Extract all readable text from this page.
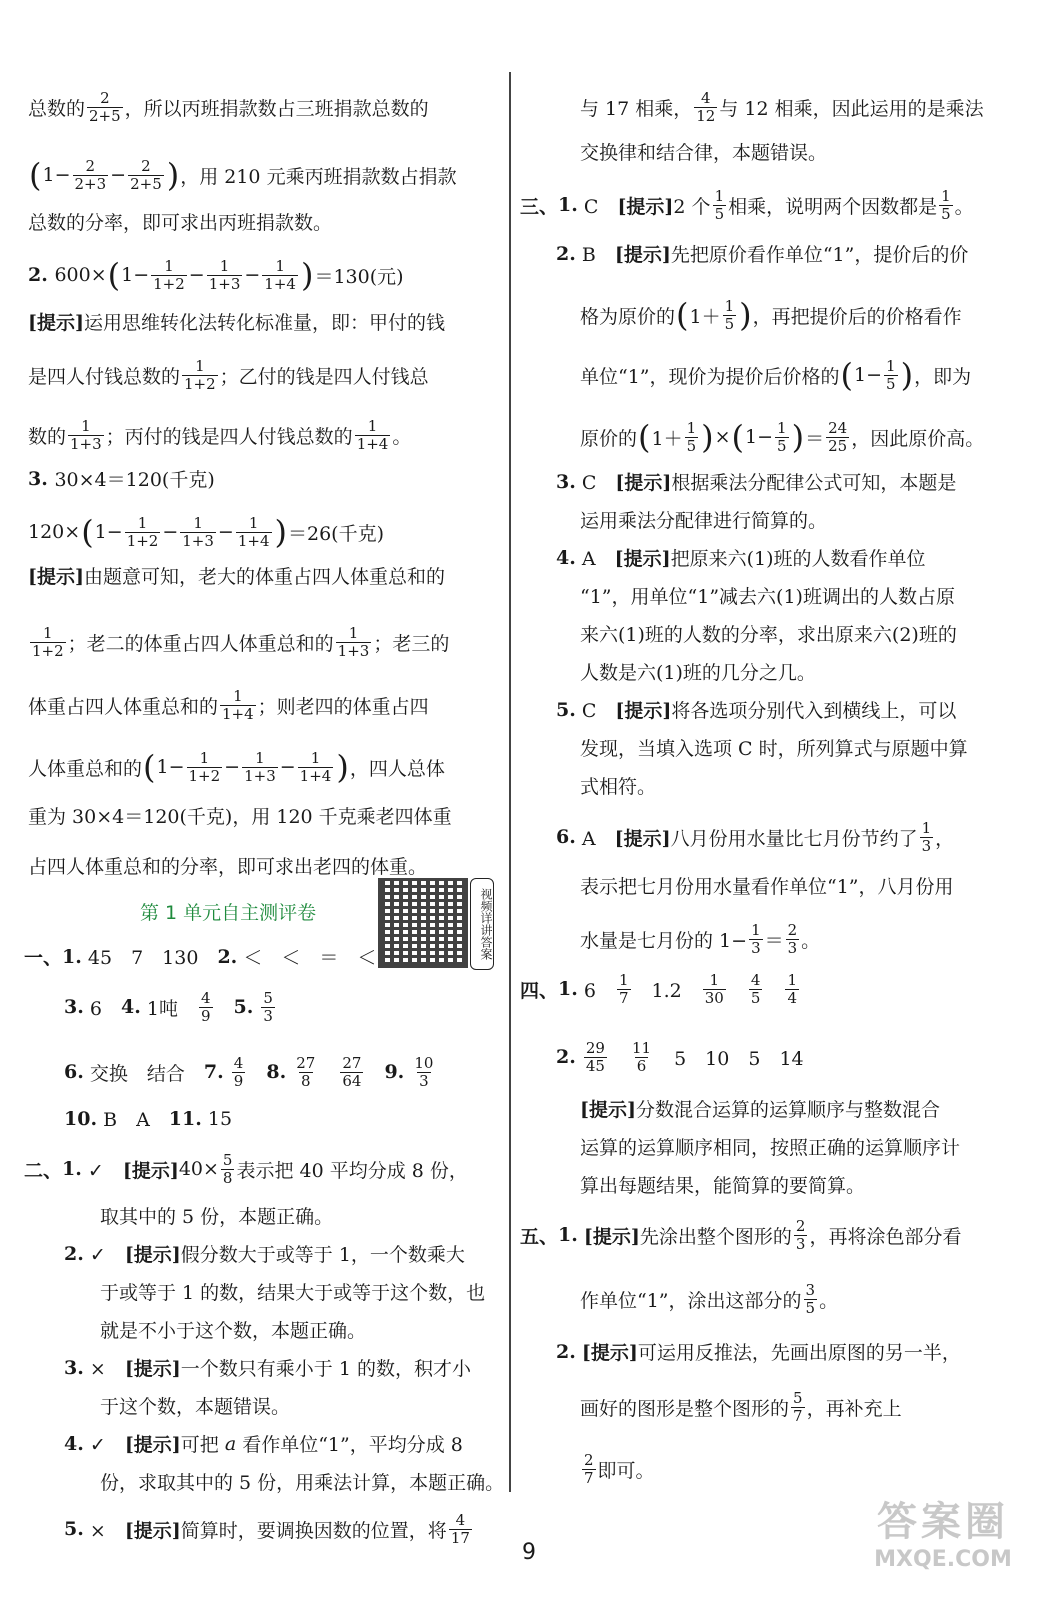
总数的 $\frac{2}{2+5}$ ，所以丙班捐款数占三班捐款总数的
( $1- \frac{2}{2+3} - \frac{2}{2+5}$ ) ，用 210 元乘丙班捐款数占捐款
总数的分率，即可求出丙班捐款数。
2. 600× ( $1- \frac{1}{1+2} - \frac{1}{1+3} - \frac{1}{1+4}$ ) ＝130(元)
[提示] 运用思维转化法转化标准量，即：甲付的钱
是四人付钱总数的 $\frac{1}{1+2}$ ；乙付的钱是四人付钱总
数的 $\frac{1}{1+3}$ ；丙付的钱是四人付钱总数的 $\frac{1}{1+4}$ 。
3. 30×4＝120(千克)
120× ( $1- \frac{1}{1+2} - \frac{1}{1+3} - \frac{1}{1+4}$ ) ＝26(千克)
[提示] 由题意可知，老大的体重占四人体重总和的
$\frac{1}{1+2}$ ；老二的体重占四人体重总和的 $\frac{1}{1+3}$ ；老三的
体重占四人体重总和的 $\frac{1}{1+4}$ ；则老四的体重占四
人体重总和的 ( $1- \frac{1}{1+2} - \frac{1}{1+3} - \frac{1}{1+4}$ ) ，四人总体
重为 30×4＝120(千克)，用 120 千克乘老四体重
占四人体重总和的分率，即可求出老四的体重。
第 1 单元自主测评卷
一、 1. 45　7　130　 2. ＜　＜　＝　＜
3. 6　 4. 1吨　 $\frac{4}{9}$
　 5.
$\frac{5}{3}$
6. 交换　结合　 7.
$\frac{4}{9}$
　 8.
$\frac{27}{8}$
　 $\frac{27}{64}$
　 9.
$\frac{10}{3}$
10. B　A　 11. 15
二、 1. ✓　 [提示] $40\times \frac{5}{8}$ 表示把 40 平均分成 8 份，
取其中的 5 份，本题正确。
2. ✓　 [提示] 假分数大于或等于 1，一个数乘大
于或等于 1 的数，结果大于或等于这个数，也
就是不小于这个数，本题正确。
3. ×　 [提示] 一个数只有乘小于 1 的数，积才小
于这个数，本题错误。
4. ✓　 [提示] 可把 a 看作单位“1”，平均分成 8
份，求取其中的 5 份，用乘法计算，本题正确。
5. ×　 [提示] 简算时，要调换因数的位置，将 $\frac{4}{17}$
与 17 相乘， $\frac{4}{12}$ 与 12 相乘，因此运用的是乘法
交换律和结合律，本题错误。
三、 1. C　 [提示] 2 个 $\frac{1}{5}$ 相乘，说明两个因数都是 $\frac{1}{5}$ 。
2. B　 [提示] 先把原价看作单位“1”，提价后的价
格为原价的 ( $1+ \frac{1}{5}$ ) ，再把提价后的价格看作
单位“1”，现价为提价后价格的 ( $1- \frac{1}{5}$ ) ，即为
原价的 ( $1+ \frac{1}{5}$ ) × ( $1- \frac{1}{5}$ ) ＝ $\frac{24}{25}$ ，因此原价高。
3. C　 [提示] 根据乘法分配律公式可知，本题是
运用乘法分配律进行简算的。
4. A　 [提示] 把原来六(1)班的人数看作单位
“1”，用单位“1”减去六(1)班调出的人数占原
来六(1)班的人数的分率，求出原来六(2)班的
人数是六(1)班的几分之几。
5. C　 [提示] 将各选项分别代入到横线上，可以
发现，当填入选项 C 时，所列算式与原题中算
式相符。
6. A　 [提示] 八月份用水量比七月份节约了 $\frac{1}{3}$ ，
表示把七月份用水量看作单位“1”，八月份用
水量是七月份的 $1- \frac{1}{3} = \frac{2}{3}$ 。
四、 1. 6　 $\frac{1}{7}$ 　1.2　 $\frac{1}{30}$
　 $\frac{4}{5}$
　 $\frac{1}{4}$
2.
$\frac{29}{45}$
　 $\frac{11}{6}$ 　5　10　5　14
[提示] 分数混合运算的运算顺序与整数混合
运算的运算顺序相同，按照正确的运算顺序计
算出每题结果，能简算的要简算。
五、 1.
[提示] 先涂出整个图形的 $\frac{2}{3}$ ，再将涂色部分看
作单位“1”，涂出这部分的 $\frac{3}{5}$ 。
2.
[提示] 可运用反推法，先画出原图的另一半，
画好的图形是整个图形的 $\frac{5}{7}$ ，再补充上
$\frac{2}{7}$ 即可。
视频详讲答案
9
答案圈
MXQE.COM
